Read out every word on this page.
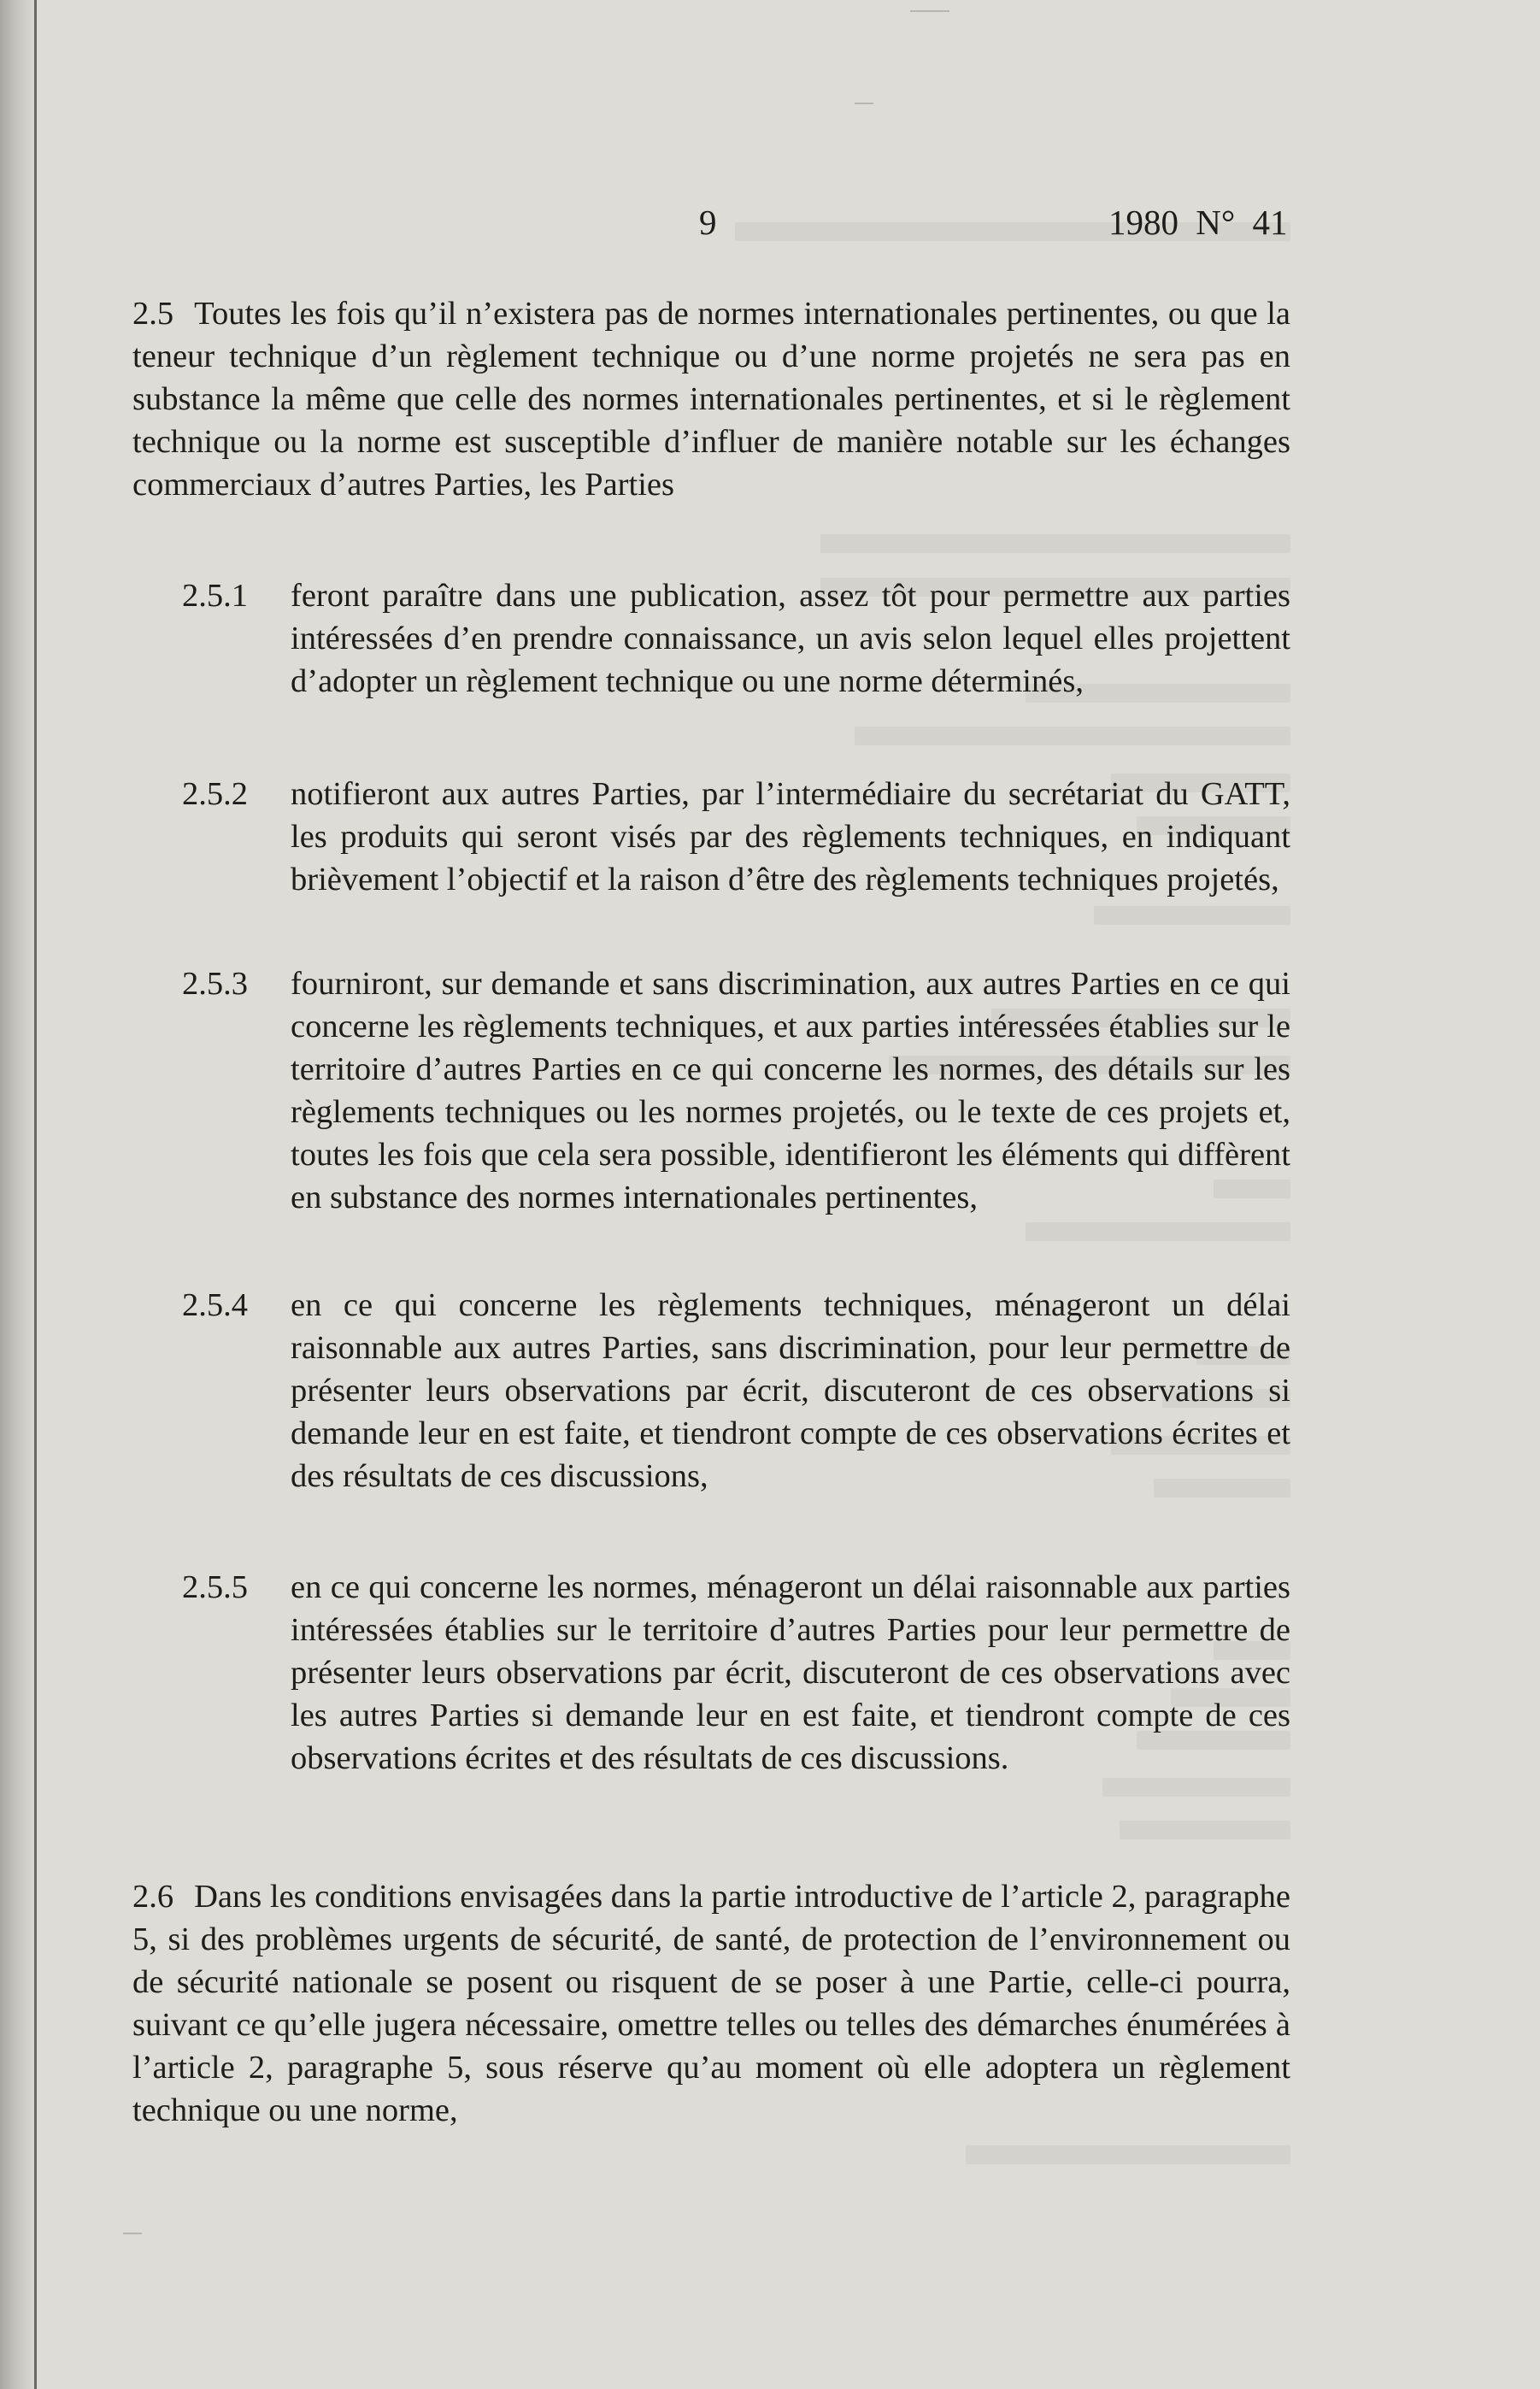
9	1980 N° 41
2.5 Toutes les fois qu’il n’existera pas de normes internationales pertinentes, ou que la teneur technique d’un règlement technique ou d’une norme projetés ne sera pas en substance la même que celle des normes internationales pertinentes, et si le règlement technique ou la norme est susceptible d’influer de manière notable sur les échanges commerciaux d’autres Parties, les Parties
2.5.1 feront paraître dans une publication, assez tôt pour permettre aux parties intéressées d’en prendre connaissance, un avis selon lequel elles projettent d’adopter un règlement technique ou une norme déterminés,
2.5.2 notifieront aux autres Parties, par l’intermédiaire du secrétariat du GATT, les produits qui seront visés par des règlements techniques, en indiquant brièvement l’objectif et la raison d’être des règlements techniques projetés,
2.5.3 fourniront, sur demande et sans discrimination, aux autres Parties en ce qui concerne les règlements techniques, et aux parties intéressées établies sur le territoire d’autres Parties en ce qui concerne les normes, des détails sur les règlements techniques ou les normes projetés, ou le texte de ces projets et, toutes les fois que cela sera possible, identifieront les éléments qui diffèrent en substance des normes internationales pertinentes,
2.5.4 en ce qui concerne les règlements techniques, ménageront un délai raisonnable aux autres Parties, sans discrimination, pour leur permettre de présenter leurs observations par écrit, discuteront de ces observations si demande leur en est faite, et tiendront compte de ces observations écrites et des résultats de ces discussions,
2.5.5 en ce qui concerne les normes, ménageront un délai raisonnable aux parties intéressées établies sur le territoire d’autres Parties pour leur permettre de présenter leurs observations par écrit, discuteront de ces observations avec les autres Parties si demande leur en est faite, et tiendront compte de ces observations écrites et des résultats de ces discussions.
2.6 Dans les conditions envisagées dans la partie introductive de l’article 2, paragraphe 5, si des problèmes urgents de sécurité, de santé, de protection de l’environnement ou de sécurité nationale se posent ou risquent de se poser à une Partie, celle-ci pourra, suivant ce qu’elle jugera nécessaire, omettre telles ou telles des démarches énumérées à l’article 2, paragraphe 5, sous réserve qu’au moment où elle adoptera un règlement technique ou une norme,
